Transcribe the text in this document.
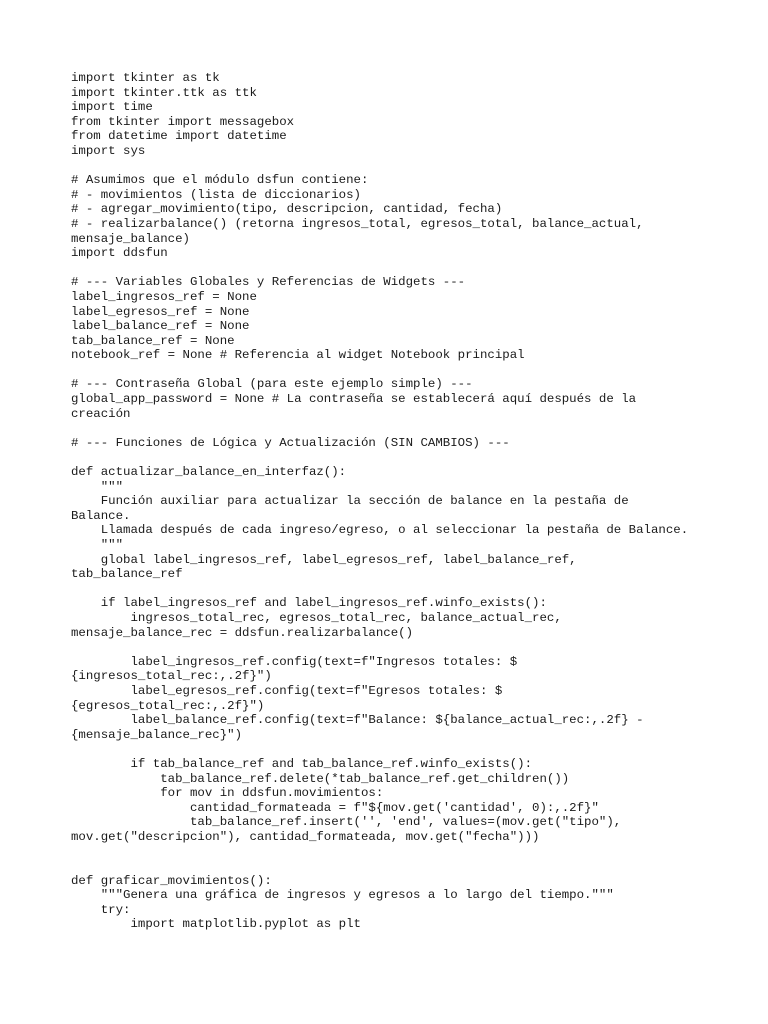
import tkinter as tk
import tkinter.ttk as ttk
import time
from tkinter import messagebox
from datetime import datetime
import sys
# Asumimos que el módulo dsfun contiene:
# - movimientos (lista de diccionarios)
# - agregar_movimiento(tipo, descripcion, cantidad, fecha)
# - realizarbalance() (retorna ingresos_total, egresos_total, balance_actual,
mensaje_balance)
import ddsfun
# --- Variables Globales y Referencias de Widgets ---
label_ingresos_ref = None
label_egresos_ref = None
label_balance_ref = None
tab_balance_ref = None
notebook_ref = None # Referencia al widget Notebook principal
# --- Contraseña Global (para este ejemplo simple) ---
global_app_password = None # La contraseña se establecerá aquí después de la
creación
# --- Funciones de Lógica y Actualización (SIN CAMBIOS) ---
def actualizar_balance_en_interfaz():
"""
Función auxiliar para actualizar la sección de balance en la pestaña de
Balance.
Llamada después de cada ingreso/egreso, o al seleccionar la pestaña de Balance.
"""
global label_ingresos_ref, label_egresos_ref, label_balance_ref,
tab_balance_ref
if label_ingresos_ref and label_ingresos_ref.winfo_exists():
ingresos_total_rec, egresos_total_rec, balance_actual_rec,
mensaje_balance_rec = ddsfun.realizarbalance()
label_ingresos_ref.config(text=f"Ingresos totales: $
{ingresos_total_rec:,.2f}")
label_egresos_ref.config(text=f"Egresos totales: $
{egresos_total_rec:,.2f}")
label_balance_ref.config(text=f"Balance: ${balance_actual_rec:,.2f} -
{mensaje_balance_rec}")
if tab_balance_ref and tab_balance_ref.winfo_exists():
tab_balance_ref.delete(*tab_balance_ref.get_children())
for mov in ddsfun.movimientos:
cantidad_formateada = f"${mov.get('cantidad', 0):,.2f}"
tab_balance_ref.insert('', 'end', values=(mov.get("tipo"),
mov.get("descripcion"), cantidad_formateada, mov.get("fecha")))
def graficar_movimientos():
"""Genera una gráfica de ingresos y egresos a lo largo del tiempo."""
try:
import matplotlib.pyplot as plt
